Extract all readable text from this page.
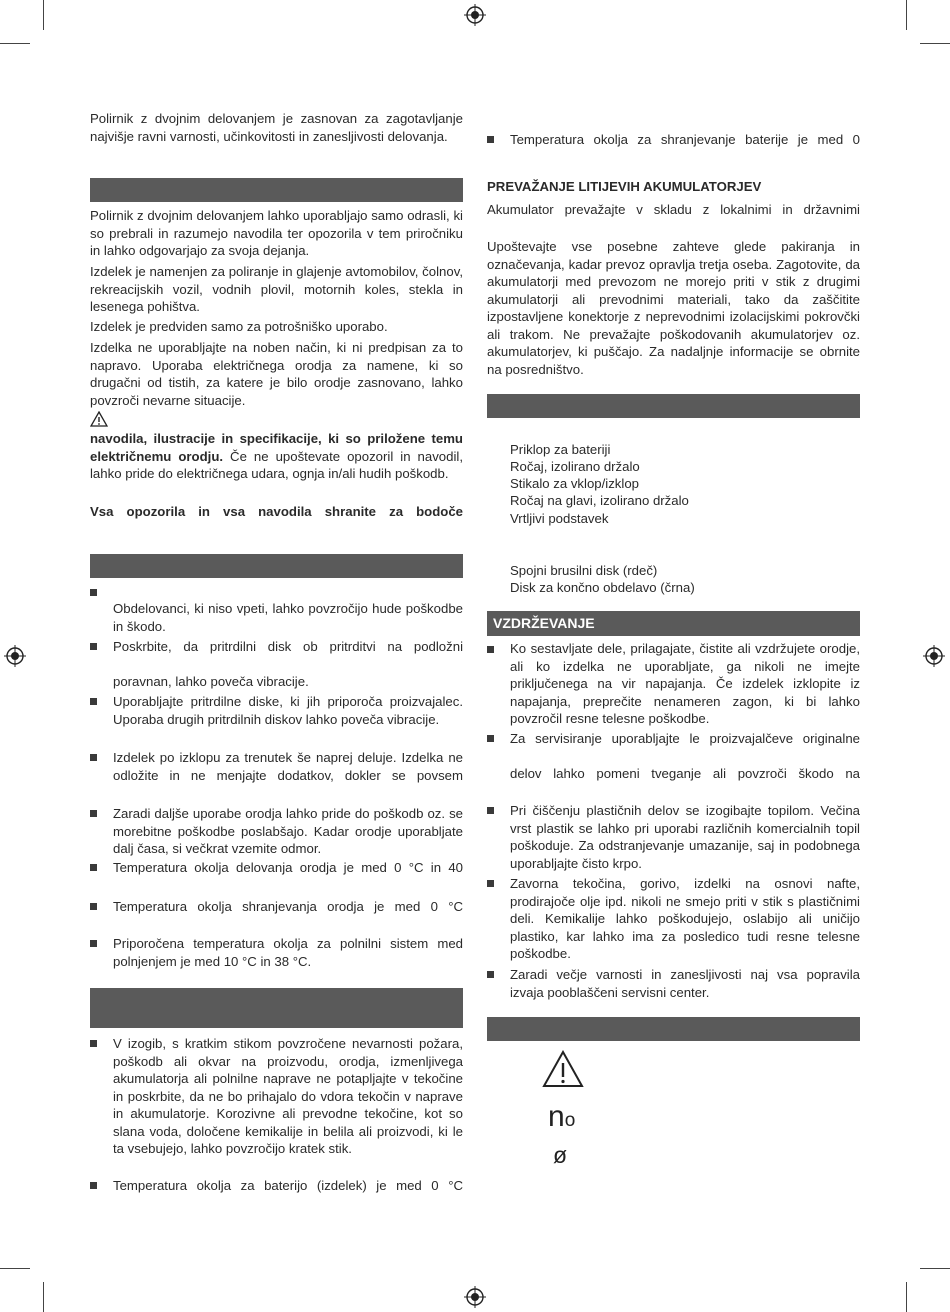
Polirnik z dvojnim delovanjem je zasnovan za zagotavljanje najvišje ravni varnosti, učinkovitosti in zanesljivosti delovanja.

Polirnik z dvojnim delovanjem lahko uporabljajo samo odrasli, ki so prebrali in razumejo navodila ter opozorila v tem priročniku in lahko odgovarjajo za svoja dejanja.

Izdelek je namenjen za poliranje in glajenje avtomobilov, čolnov, rekreacijskih vozil, vodnih plovil, motornih koles, stekla in lesenega pohištva.

Izdelek je predviden samo za potrošniško uporabo.

Izdelka ne uporabljajte na noben način, ki ni predpisan za to napravo. Uporaba električnega orodja za namene, ki so drugačni od tistih, za katere je bilo orodje zasnovano, lahko povzroči nevarne situacije.

navodila, ilustracije in specifikacije, ki so priložene temu električnemu orodju. Če ne upoštevate opozoril in navodil, lahko pride do električnega udara, ognja in/ali hudih poškodb.

Vsa opozorila in vsa navodila shranite za bodoče

Obdelovanci, ki niso vpeti, lahko povzročijo hude poškodbe in škodo.

Poskrbite, da pritrdilni disk ob pritrditvi na podložni

poravnan, lahko poveča vibracije.

Uporabljajte pritrdilne diske, ki jih priporoča proizvajalec. Uporaba drugih pritrdilnih diskov lahko poveča vibracije.

Izdelek po izklopu za trenutek še naprej deluje. Izdelka ne odložite in ne menjajte dodatkov, dokler se povsem

Zaradi daljše uporabe orodja lahko pride do poškodb oz. se morebitne poškodbe poslabšajo. Kadar orodje uporabljate dalj časa, si večkrat vzemite odmor.

Temperatura okolja delovanja orodja je med 0 °C in 40

Temperatura okolja shranjevanja orodja je med 0 °C

Priporočena temperatura okolja za polnilni sistem med polnjenjem je med 10 °C in 38 °C.

V izogib, s kratkim stikom povzročene nevarnosti požara, poškodb ali okvar na proizvodu, orodja, izmenljivega akumulatorja ali polnilne naprave ne potapljajte v tekočine in poskrbite, da ne bo prihajalo do vdora tekočin v naprave in akumulatorje. Korozivne ali prevodne tekočine, kot so slana voda, določene kemikalije in belila ali proizvodi, ki le ta vsebujejo, lahko povzročijo kratek stik.

Temperatura okolja za baterijo (izdelek) je med 0 °C

Temperatura okolja za shranjevanje baterije je med 0

PREVAŽANJE LITIJEVIH AKUMULATORJEV

Akumulator prevažajte v skladu z lokalnimi in državnimi

Upoštevajte vse posebne zahteve glede pakiranja in označevanja, kadar prevoz opravlja tretja oseba. Zagotovite, da akumulatorji med prevozom ne morejo priti v stik z drugimi akumulatorji ali prevodnimi materiali, tako da zaščitite izpostavljene konektorje z neprevodnimi izolacijskimi pokrovčki ali trakom. Ne prevažajte poškodovanih akumulatorjev oz. akumulatorjev, ki puščajo. Za nadaljnje informacije se obrnite na posredništvo.

Priklop za bateriji
Ročaj, izolirano držalo
Stikalo za vklop/izklop
Ročaj na glavi, izolirano držalo
Vrtljivi podstavek
Spojni brusilni disk (rdeč)
Disk za končno obdelavo (črna)
VZDRŽEVANJE

Ko sestavljate dele, prilagajate, čistite ali vzdržujete orodje, ali ko izdelka ne uporabljate, ga nikoli ne imejte priključenega na vir napajanja. Če izdelek izklopite iz napajanja, preprečite nenameren zagon, ki bi lahko povzročil resne telesne poškodbe.

Za servisiranje uporabljajte le proizvajalčeve originalne

delov lahko pomeni tveganje ali povzroči škodo na

Pri čiščenju plastičnih delov se izogibajte topilom. Večina vrst plastik se lahko pri uporabi različnih komercialnih topil poškoduje. Za odstranjevanje umazanije, saj in podobnega uporabljajte čisto krpo.

Zavorna tekočina, gorivo, izdelki na osnovi nafte, prodirajoče olje ipd. nikoli ne smejo priti v stik s plastičnimi deli. Kemikalije lahko poškodujejo, oslabijo ali uničijo plastiko, kar lahko ima za posledico tudi resne telesne poškodbe.

Zaradi večje varnosti in zanesljivosti naj vsa popravila izvaja pooblaščeni servisni center.

no
ø
